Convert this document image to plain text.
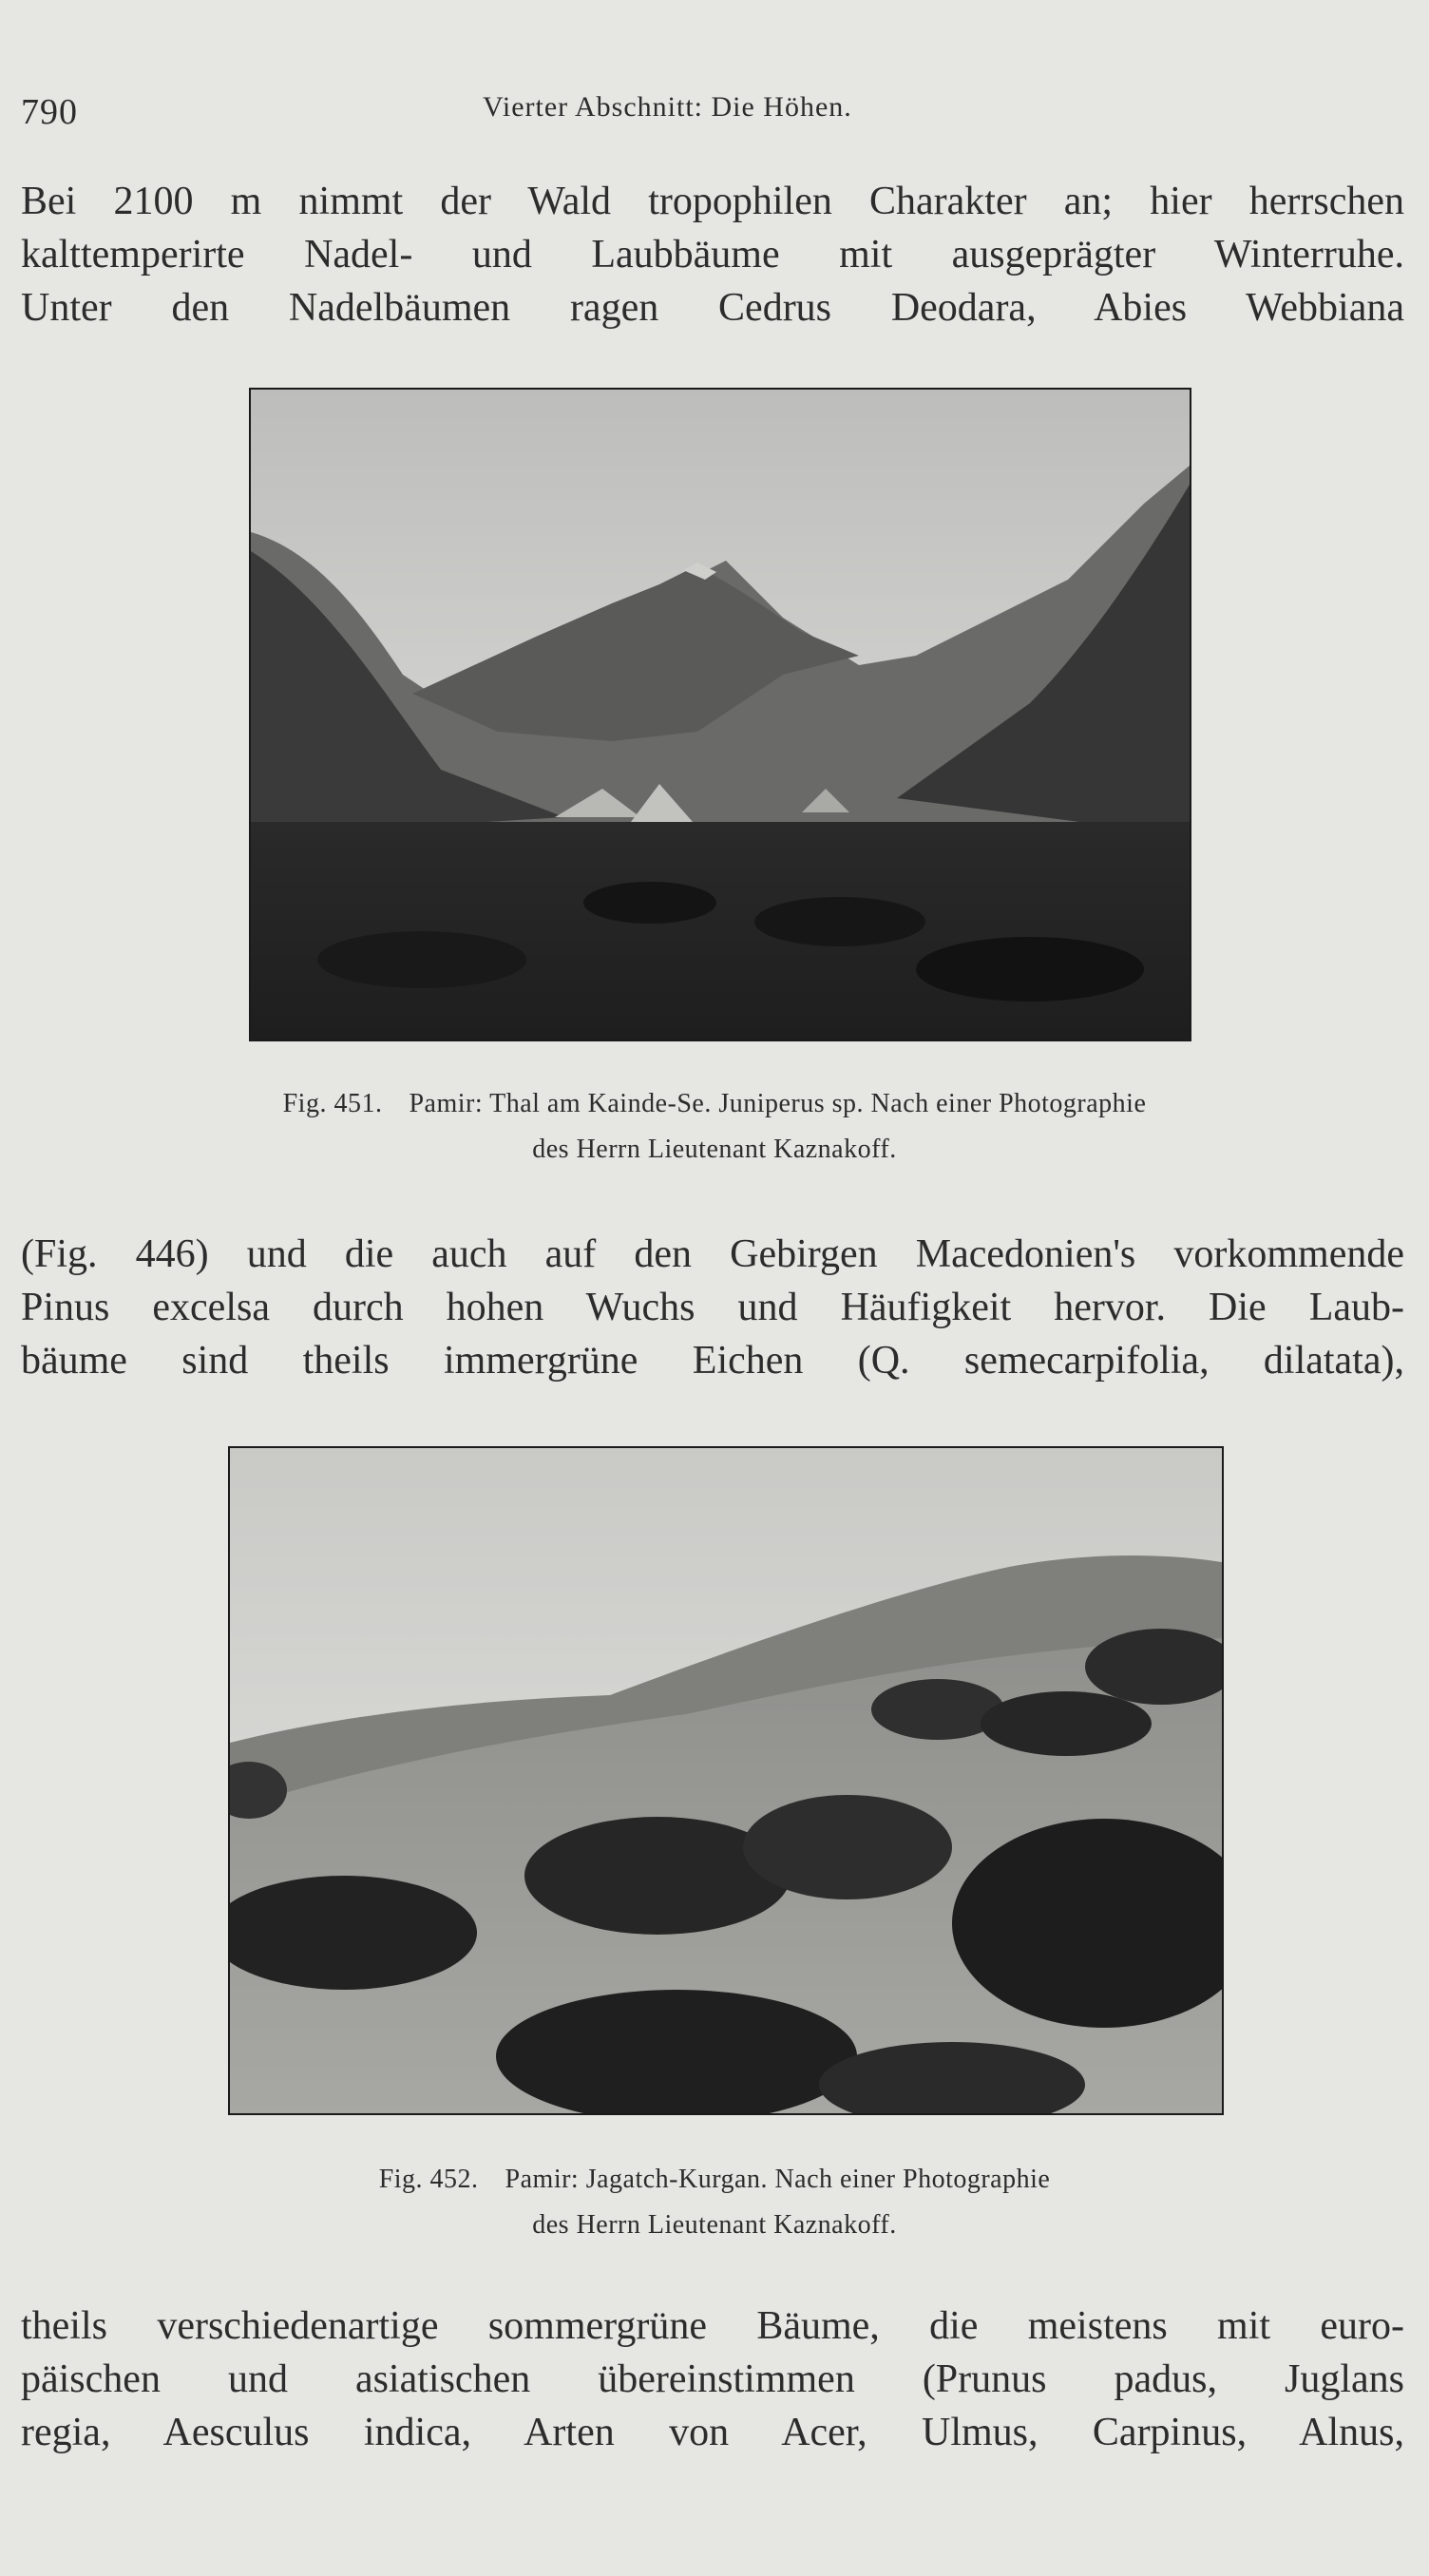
790	Vierter Abschnitt: Die Höhen.
Bei 2100 m nimmt der Wald tropophilen Charakter an; hier herrschen
kalttemperirte Nadel- und Laubbäume mit ausgeprägter Winterruhe.
Unter den Nadelbäumen ragen Cedrus Deodara, Abies Webbiana
Fig. 451. Pamir: Thal am Kainde-Se. Juniperus sp. Nach einer Photographie
des Herrn Lieutenant Kaznakoff.
(Fig. 446) und die auch auf den Gebirgen Macedonien's vorkommende
Pinus excelsa durch hohen Wuchs und Häufigkeit hervor. Die Laub-
bäume sind theils immergrüne Eichen (Q. semecarpifolia, dilatata),
Fig. 452. Pamir: Jagatch-Kurgan. Nach einer Photographie
des Herrn Lieutenant Kaznakoff.
theils verschiedenartige sommergrüne Bäume, die meistens mit euro-
päischen und asiatischen übereinstimmen (Prunus padus, Juglans
regia, Aesculus indica, Arten von Acer, Ulmus, Carpinus, Alnus,
